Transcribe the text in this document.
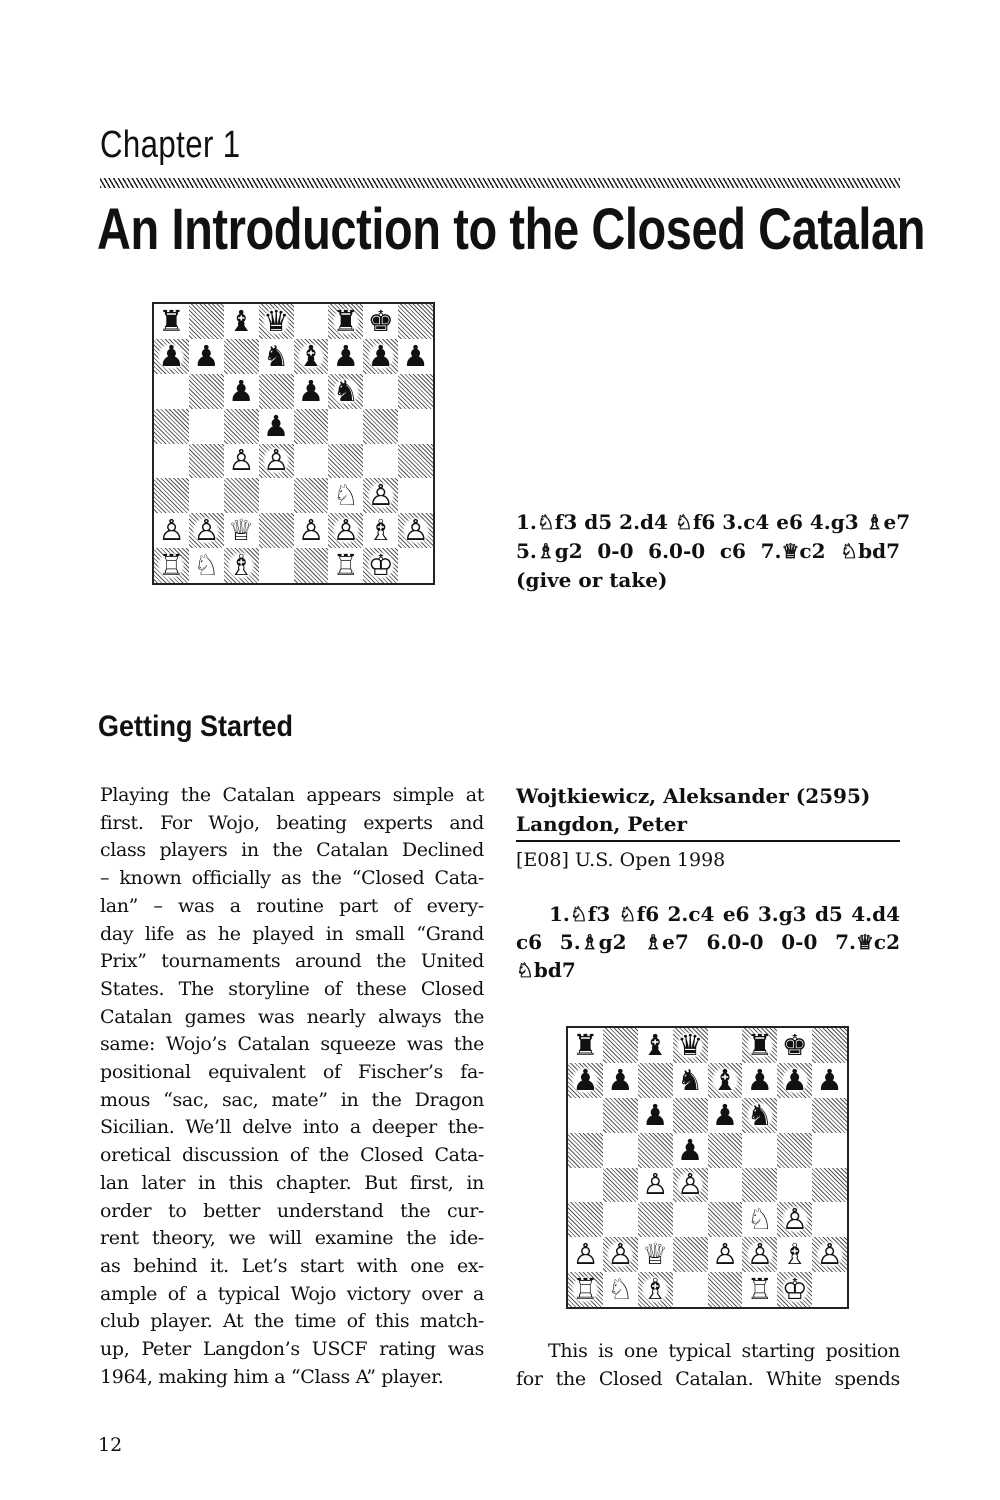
Chapter 1
An Introduction to the Closed Catalan
♜ ♝ ♛ ♜ ♚
♟ ♟ ♞ ♝ ♟ ♟ ♟
♟ ♟ ♞
♟
♙ ♙
♘ ♙
♙ ♙ ♕ ♙ ♙ ♗ ♙
♖ ♘ ♗	♖ ♔
1.♘f3 d5 2.d4 ♘f6 3.c4 e6 4.g3 ♗e7
5.♗g2 0-0 6.0-0 c6 7.♕c2 ♘bd7
(give or take)
Getting Started
Playing the Catalan appears simple at
first. For Wojo, beating experts and
class players in the Catalan Declined
– known officially as the “Closed Cata-
lan” – was a routine part of every-
day life as he played in small “Grand
Prix” tournaments around the United
States. The storyline of these Closed
Catalan games was nearly always the
same: Wojo’s Catalan squeeze was the
positional equivalent of Fischer’s fa-
mous “sac, sac, mate” in the Dragon
Sicilian. We’ll delve into a deeper the-
oretical discussion of the Closed Cata-
lan later in this chapter. But first, in
order to better understand the cur-
rent theory, we will examine the ide-
as behind it. Let’s start with one ex-
ample of a typical Wojo victory over a
club player. At the time of this match-
up, Peter Langdon’s USCF rating was
1964, making him a “Class A” player.
Wojtkiewicz, Aleksander (2595)
Langdon, Peter
[E08] U.S. Open 1998
1.♘f3 ♘f6 2.c4 e6 3.g3 d5 4.d4
c6 5.♗g2 ♗e7 6.0-0 0-0 7.♕c2
♘bd7
♜ ♝ ♛ ♜ ♚
♟ ♟ ♞ ♝ ♟ ♟ ♟
♟ ♟ ♞
♟
♙ ♙
♘ ♙
♙ ♙ ♕ ♙ ♙ ♗ ♙
♖ ♘ ♗	♖ ♔
This is one typical starting position
for the Closed Catalan. White spends
12
